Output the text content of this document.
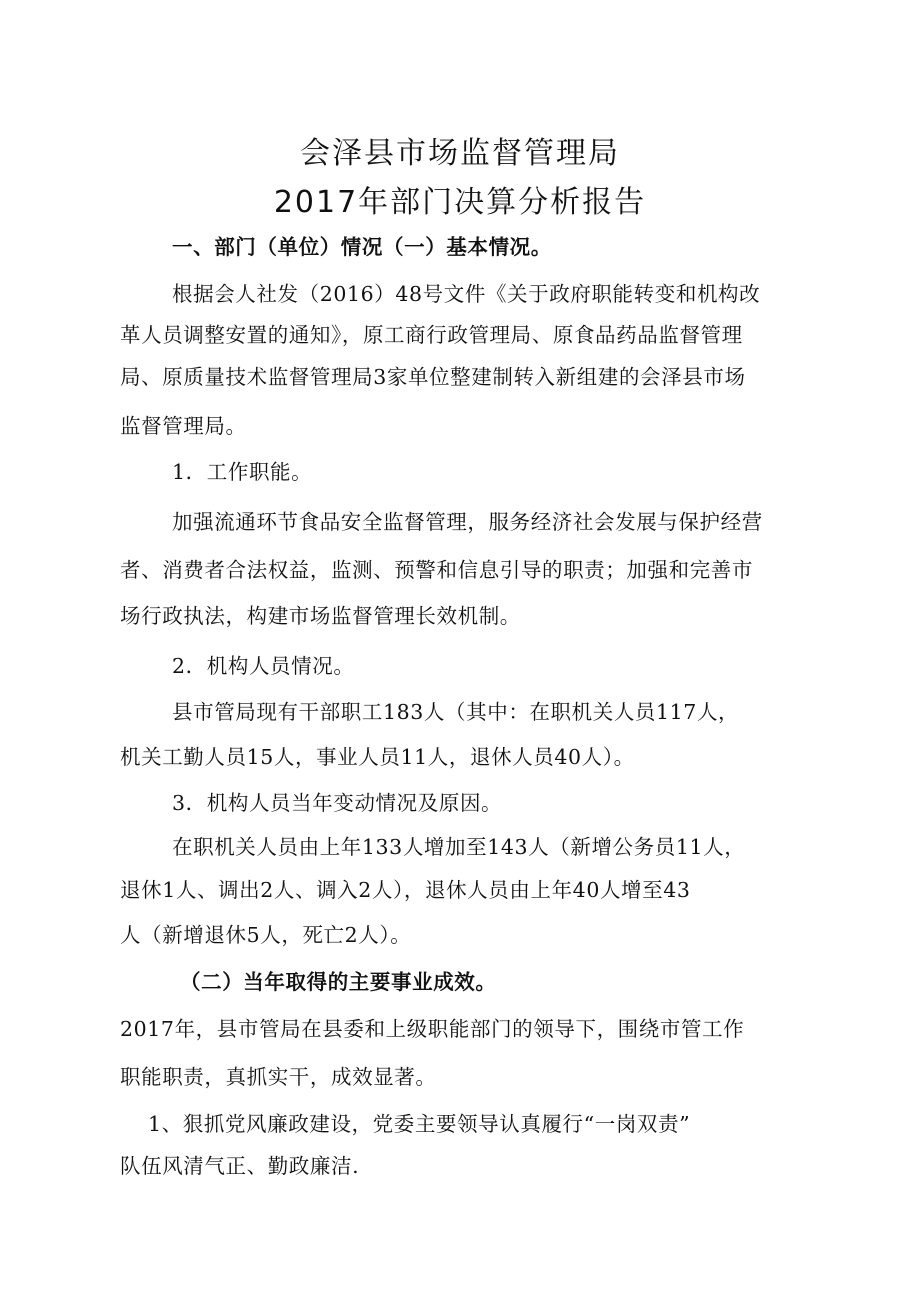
会泽县市场监督管理局
2017年部门决算分析报告
一、部门（单位）情况（一）基本情况。
根据会人社发（2016）48号文件《关于政府职能转变和机构改
革人员调整安置的通知》，原工商行政管理局、原食品药品监督管理
局、原质量技术监督管理局3家单位整建制转入新组建的会泽县市场
监督管理局。
1．工作职能。
加强流通环节食品安全监督管理，服务经济社会发展与保护经营
者、消费者合法权益，监测、预警和信息引导的职责；加强和完善市
场行政执法，构建市场监督管理长效机制。
2．机构人员情况。
县市管局现有干部职工183人（其中：在职机关人员117人，
机关工勤人员15人，事业人员11人，退休人员40人）。
3．机构人员当年变动情况及原因。
在职机关人员由上年133人增加至143人（新增公务员11人，
退休1人、调出2人、调入2人），退休人员由上年40人增至43
人（新增退休5人，死亡2人）。
（二）当年取得的主要事业成效。
2017年，县市管局在县委和上级职能部门的领导下，围绕市管工作
职能职责，真抓实干，成效显著。
1、狠抓党风廉政建设，党委主要领导认真履行“一岗双责”
队伍风清气正、勤政廉洁.
